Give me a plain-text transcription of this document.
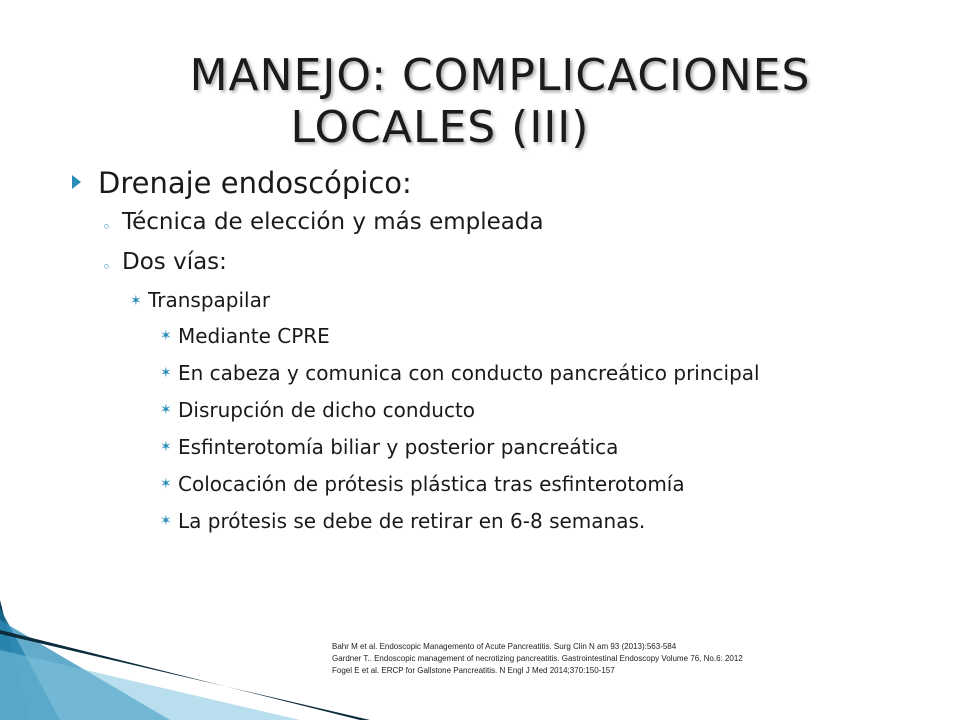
MANEJO: COMPLICACIONES

LOCALES (III)
Drenaje endoscópico:
◦ Técnica de elección y más empleada
◦ Dos vías:
✶ Transpapilar
✶ Mediante CPRE
✶ En cabeza y comunica con conducto pancreático principal
✶ Disrupción de dicho conducto
✶ Esfinterotomía biliar y posterior pancreática
✶ Colocación de prótesis plástica tras esfinterotomía
✶ La prótesis se debe de retirar en 6-8 semanas.
Bahr M et al. Endoscopic Managemento of Acute Pancreatitis. Surg Clin N am 93 (2013):563-584
Gardner T.. Endoscopic management of necrotizing pancreatitis. Gastrointestinal Endoscopy Volume 76, No.6: 2012
Fogel E et al. ERCP for Gallstone Pancreatitis. N Engl J Med 2014;370:150-157
